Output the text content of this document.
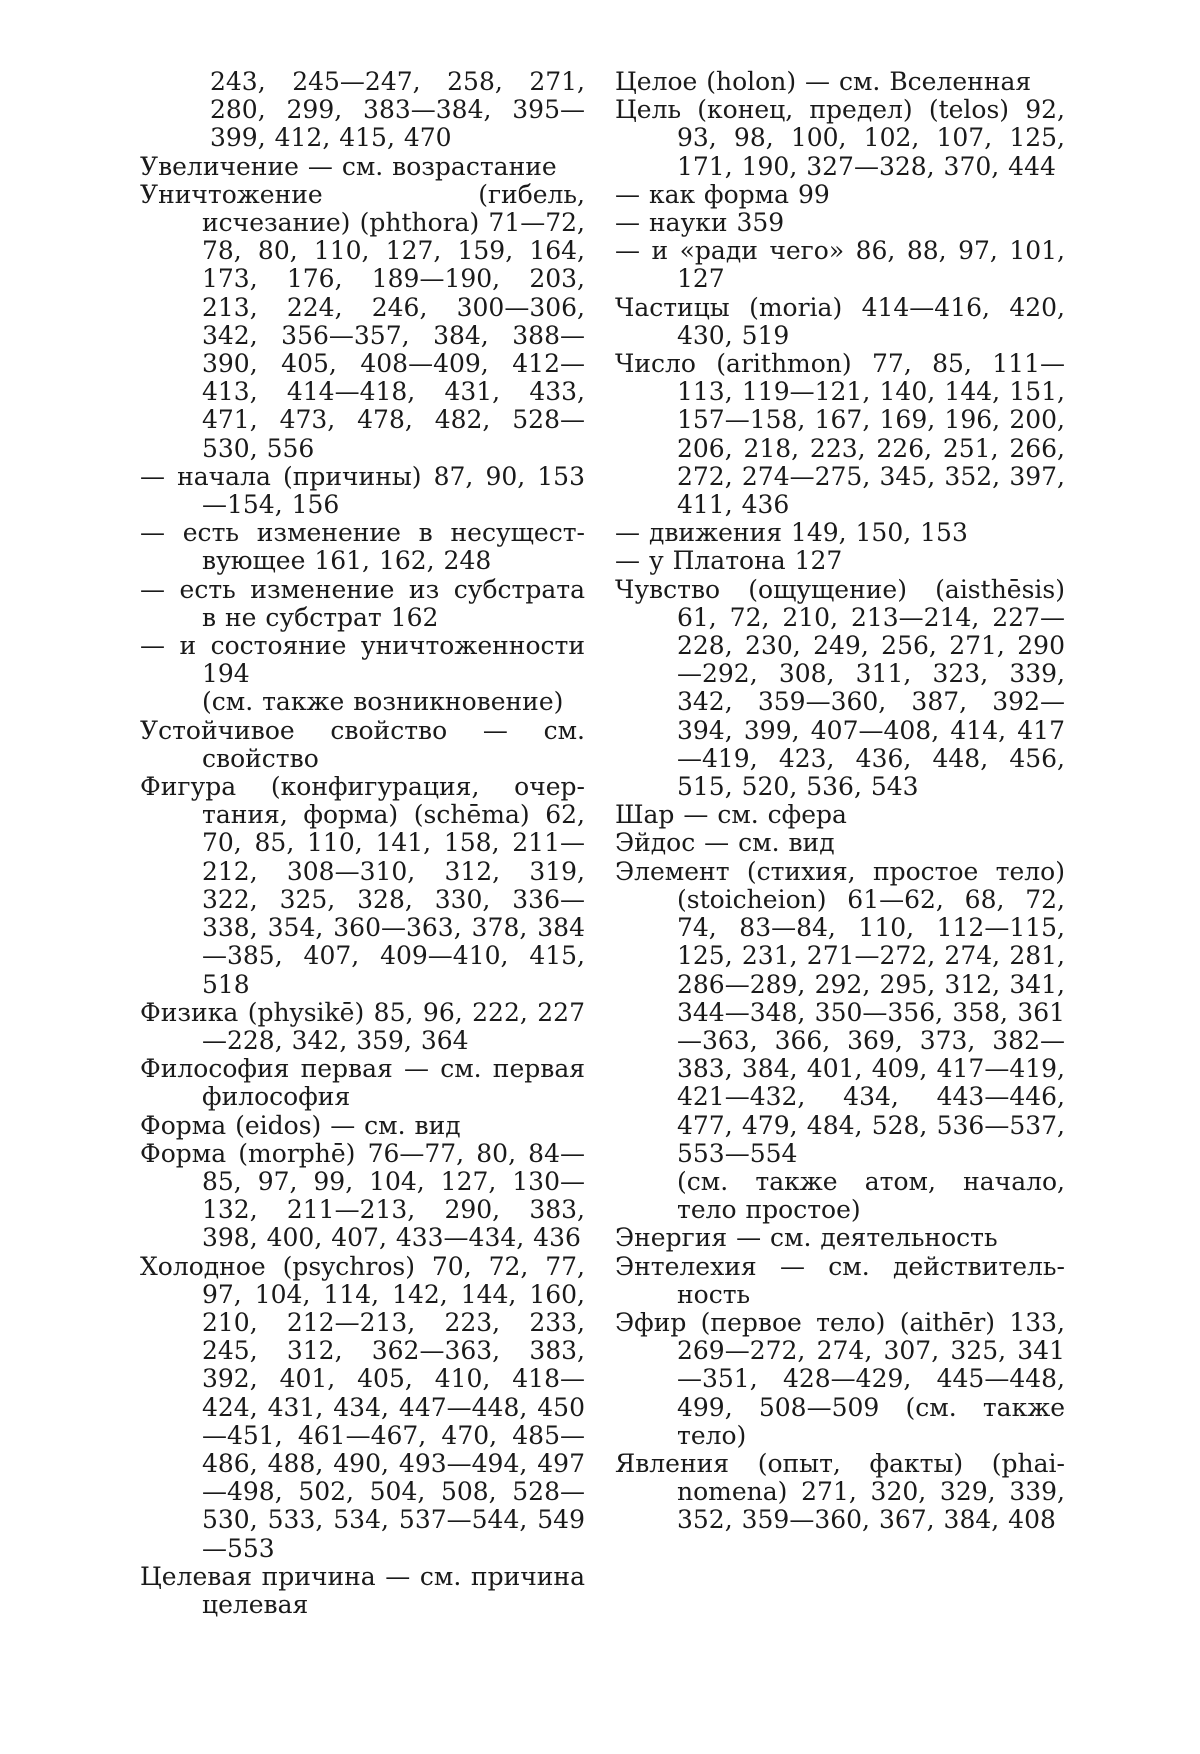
243, 245—247, 258, 271, 280, 299, 383—384, 395—399, 412, 415, 470
Увеличение — см. возрастание
Уничтожение (гибель, исчезание) (phthora) 71—72, 78, 80, 110, 127, 159, 164, 173, 176, 189—190, 203, 213, 224, 246, 300—306, 342, 356—357, 384, 388—390, 405, 408—409, 412—413, 414—418, 431, 433, 471, 473, 478, 482, 528—530, 556
— начала (причины) 87, 90, 153—154, 156
— есть изменение в несуществующее 161, 162, 248
— есть изменение из субстрата в не субстрат 162
— и состояние уничтоженности 194
(см. также возникновение)
Устойчивое свойство — см. свойство
Фигура (конфигурация, очертания, форма) (schēma) 62, 70, 85, 110, 141, 158, 211—212, 308—310, 312, 319, 322, 325, 328, 330, 336—338, 354, 360—363, 378, 384—385, 407, 409—410, 415, 518
Физика (physikē) 85, 96, 222, 227—228, 342, 359, 364
Философия первая — см. первая философия
Форма (eidos) — см. вид
Форма (morphē) 76—77, 80, 84—85, 97, 99, 104, 127, 130—132, 211—213, 290, 383, 398, 400, 407, 433—434, 436
Холодное (psychros) 70, 72, 77, 97, 104, 114, 142, 144, 160, 210, 212—213, 223, 233, 245, 312, 362—363, 383, 392, 401, 405, 410, 418—424, 431, 434, 447—448, 450—451, 461—467, 470, 485—486, 488, 490, 493—494, 497—498, 502, 504, 508, 528—530, 533, 534, 537—544, 549—553
Целевая причина — см. причина целевая
Целое (holon) — см. Вселенная
Цель (конец, предел) (telos) 92, 93, 98, 100, 102, 107, 125, 171, 190, 327—328, 370, 444
— как форма 99
— науки 359
— и «ради чего» 86, 88, 97, 101, 127
Частицы (moria) 414—416, 420, 430, 519
Число (arithmon) 77, 85, 111—113, 119—121, 140, 144, 151, 157—158, 167, 169, 196, 200, 206, 218, 223, 226, 251, 266, 272, 274—275, 345, 352, 397, 411, 436
— движения 149, 150, 153
— у Платона 127
Чувство (ощущение) (aisthēsis) 61, 72, 210, 213—214, 227—228, 230, 249, 256, 271, 290—292, 308, 311, 323, 339, 342, 359—360, 387, 392—394, 399, 407—408, 414, 417—419, 423, 436, 448, 456, 515, 520, 536, 543
Шар — см. сфера
Эйдос — см. вид
Элемент (стихия, простое тело) (stoicheion) 61—62, 68, 72, 74, 83—84, 110, 112—115, 125, 231, 271—272, 274, 281, 286—289, 292, 295, 312, 341, 344—348, 350—356, 358, 361—363, 366, 369, 373, 382—383, 384, 401, 409, 417—419, 421—432, 434, 443—446, 477, 479, 484, 528, 536—537, 553—554
(см. также атом, начало, тело простое)
Энергия — см. деятельность
Энтелехия — см. действительность
Эфир (первое тело) (aithēr) 133, 269—272, 274, 307, 325, 341—351, 428—429, 445—448, 499, 508—509 (см. также тело)
Явления (опыт, факты) (phainomena) 271, 320, 329, 339, 352, 359—360, 367, 384, 408
